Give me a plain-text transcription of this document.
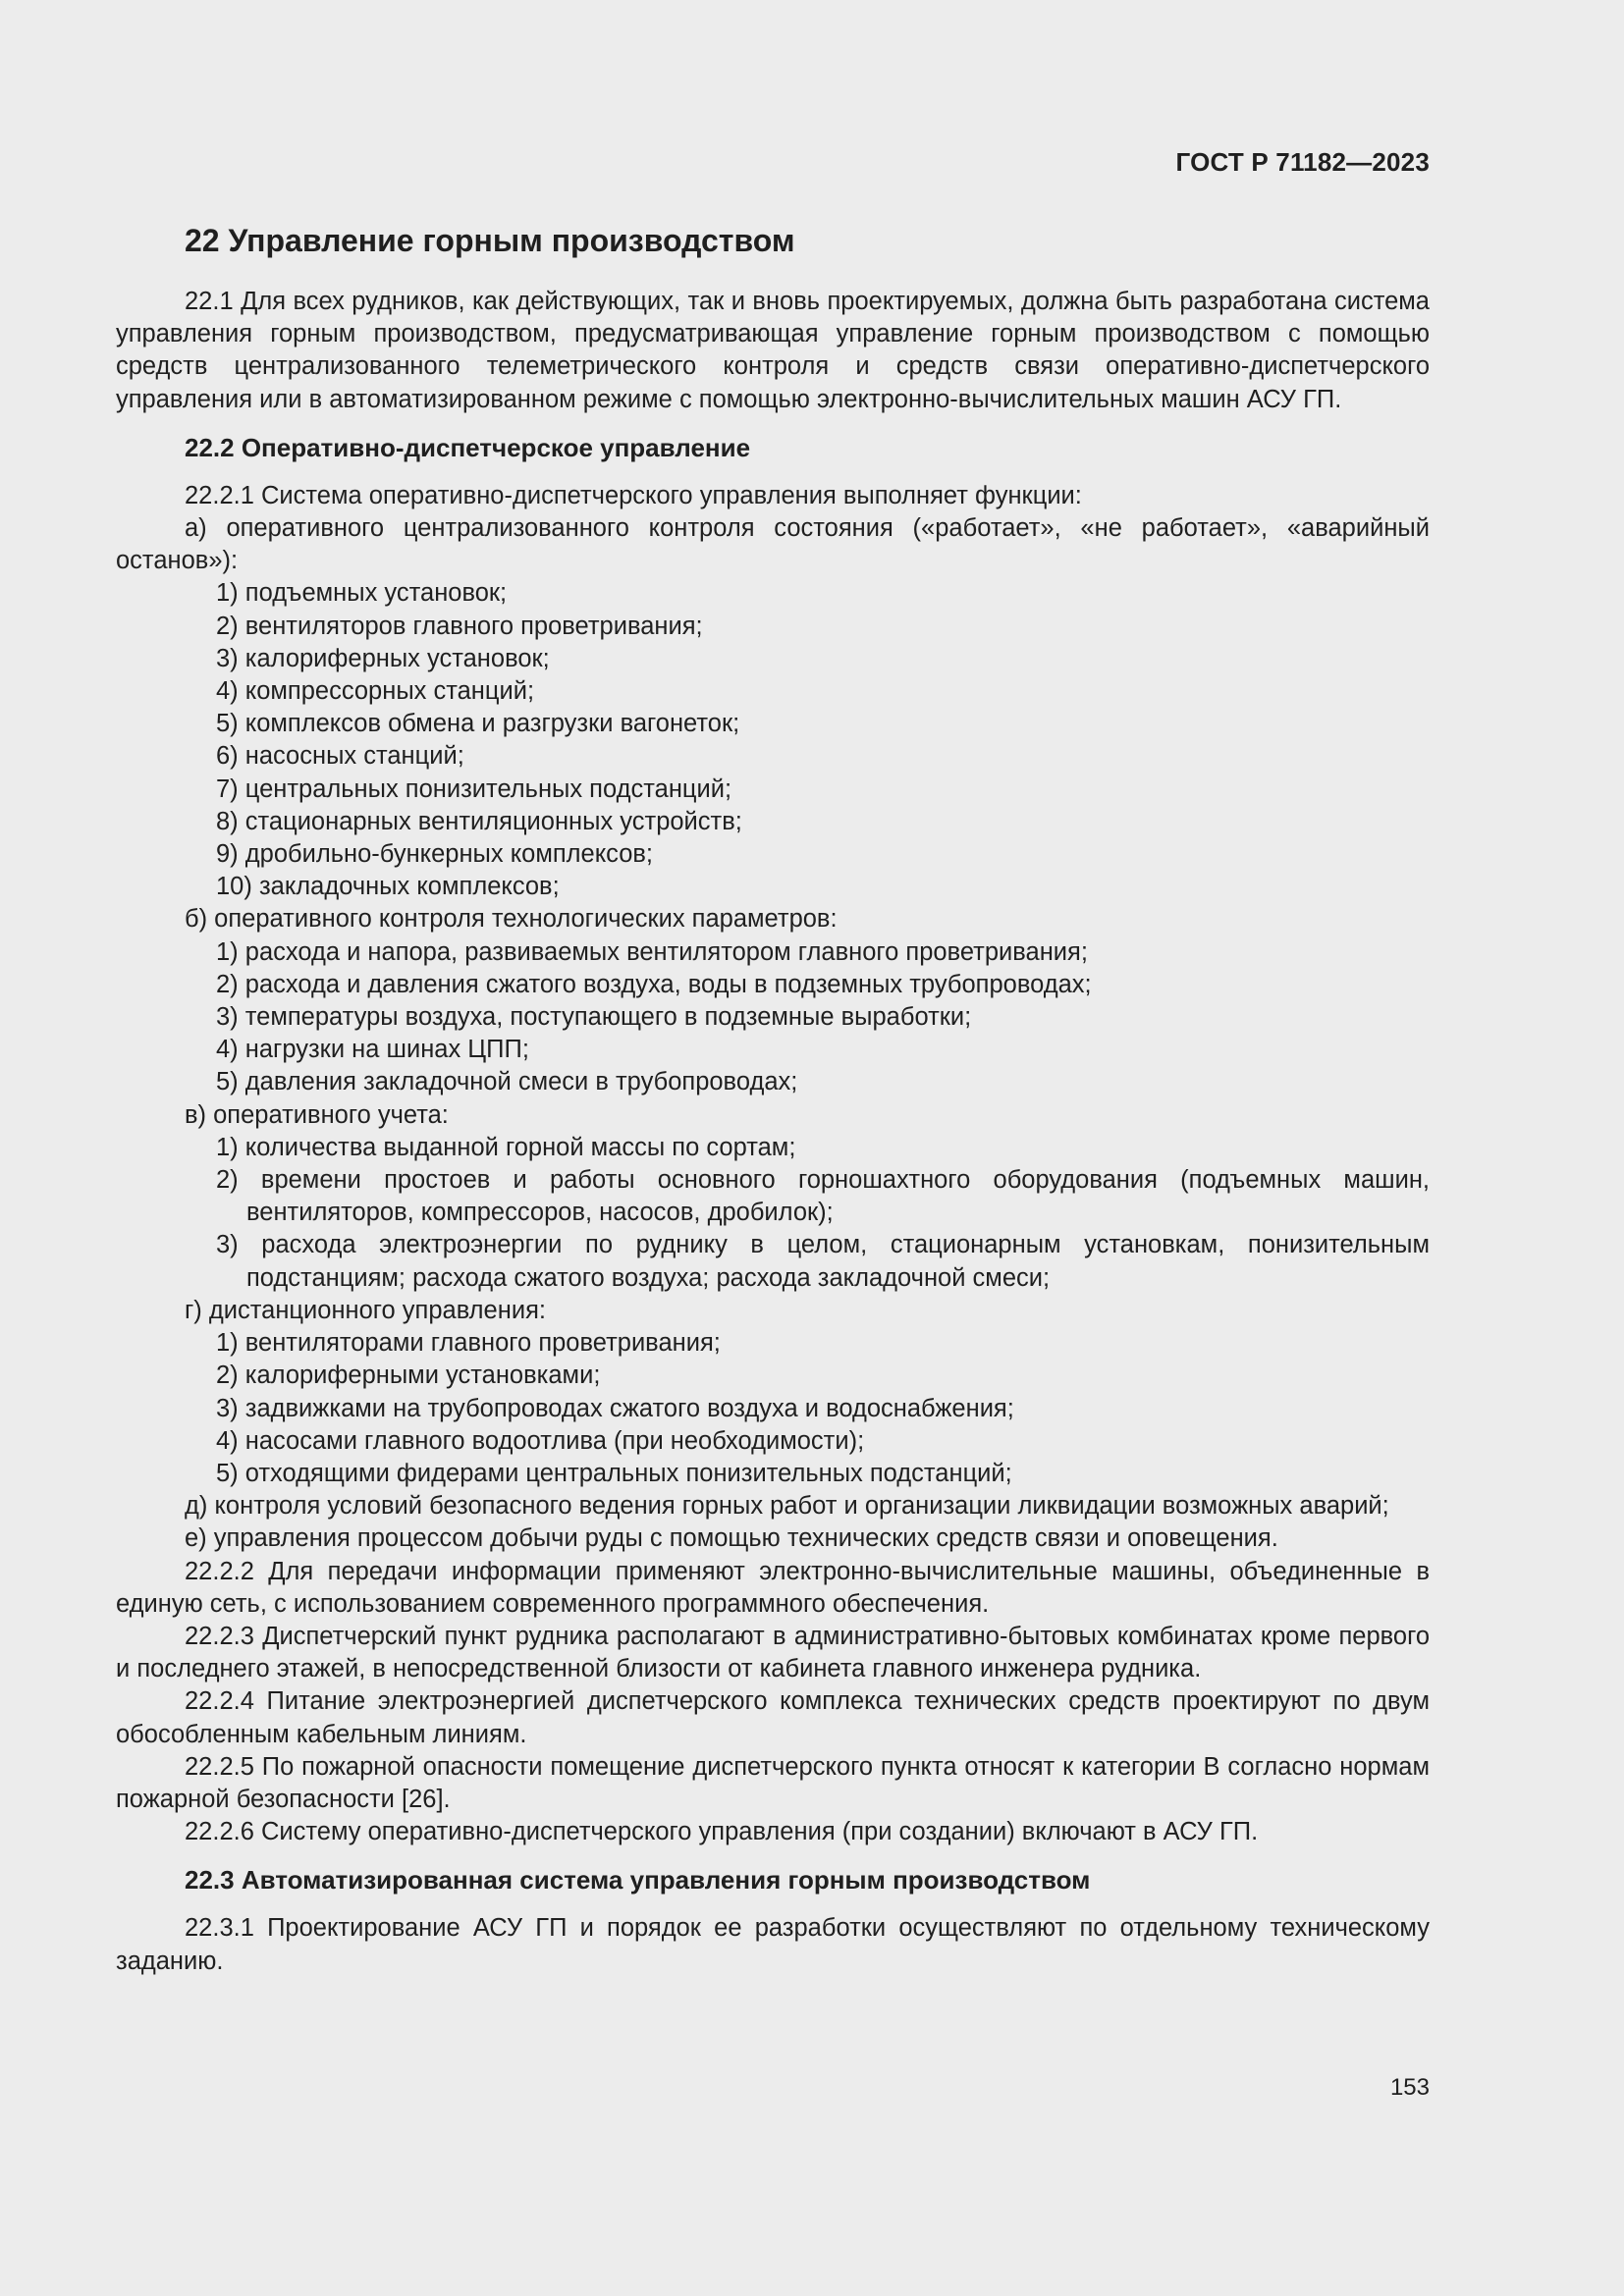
ГОСТ Р 71182—2023
22 Управление горным производством

22.1 Для всех рудников, как действующих, так и вновь проектируемых, должна быть разработана система управления горным производством, предусматривающая управление горным производством с помощью средств централизованного телеметрического контроля и средств связи оперативно-диспетчерского управления или в автоматизированном режиме с помощью электронно-вычислительных машин АСУ ГП.

22.2 Оперативно-диспетчерское управление

22.2.1 Система оперативно-диспетчерского управления выполняет функции:

а) оперативного централизованного контроля состояния («работает», «не работает», «аварийный останов»):

1) подъемных установок;

2) вентиляторов главного проветривания;

3) калориферных установок;

4) компрессорных станций;

5) комплексов обмена и разгрузки вагонеток;

6) насосных станций;

7) центральных понизительных подстанций;

8) стационарных вентиляционных устройств;

9) дробильно-бункерных комплексов;

10) закладочных комплексов;

б) оперативного контроля технологических параметров:

1) расхода и напора, развиваемых вентилятором главного проветривания;

2) расхода и давления сжатого воздуха, воды в подземных трубопроводах;

3) температуры воздуха, поступающего в подземные выработки;

4) нагрузки на шинах ЦПП;

5) давления закладочной смеси в трубопроводах;

в) оперативного учета:

1) количества выданной горной массы по сортам;

2) времени простоев и работы основного горношахтного оборудования (подъемных машин, вентиляторов, компрессоров, насосов, дробилок);

3) расхода электроэнергии по руднику в целом, стационарным установкам, понизительным подстанциям; расхода сжатого воздуха; расхода закладочной смеси;

г) дистанционного управления:

1) вентиляторами главного проветривания;

2) калориферными установками;

3) задвижками на трубопроводах сжатого воздуха и водоснабжения;

4) насосами главного водоотлива (при необходимости);

5) отходящими фидерами центральных понизительных подстанций;

д) контроля условий безопасного ведения горных работ и организации ликвидации возможных аварий;

е) управления процессом добычи руды с помощью технических средств связи и оповещения.

22.2.2 Для передачи информации применяют электронно-вычислительные машины, объединенные в единую сеть, с использованием современного программного обеспечения.

22.2.3 Диспетчерский пункт рудника располагают в административно-бытовых комбинатах кроме первого и последнего этажей, в непосредственной близости от кабинета главного инженера рудника.

22.2.4 Питание электроэнергией диспетчерского комплекса технических средств проектируют по двум обособленным кабельным линиям.

22.2.5 По пожарной опасности помещение диспетчерского пункта относят к категории В согласно нормам пожарной безопасности [26].

22.2.6 Систему оперативно-диспетчерского управления (при создании) включают в АСУ ГП.

22.3 Автоматизированная система управления горным производством

22.3.1 Проектирование АСУ ГП и порядок ее разработки осуществляют по отдельному техническому заданию.

153
